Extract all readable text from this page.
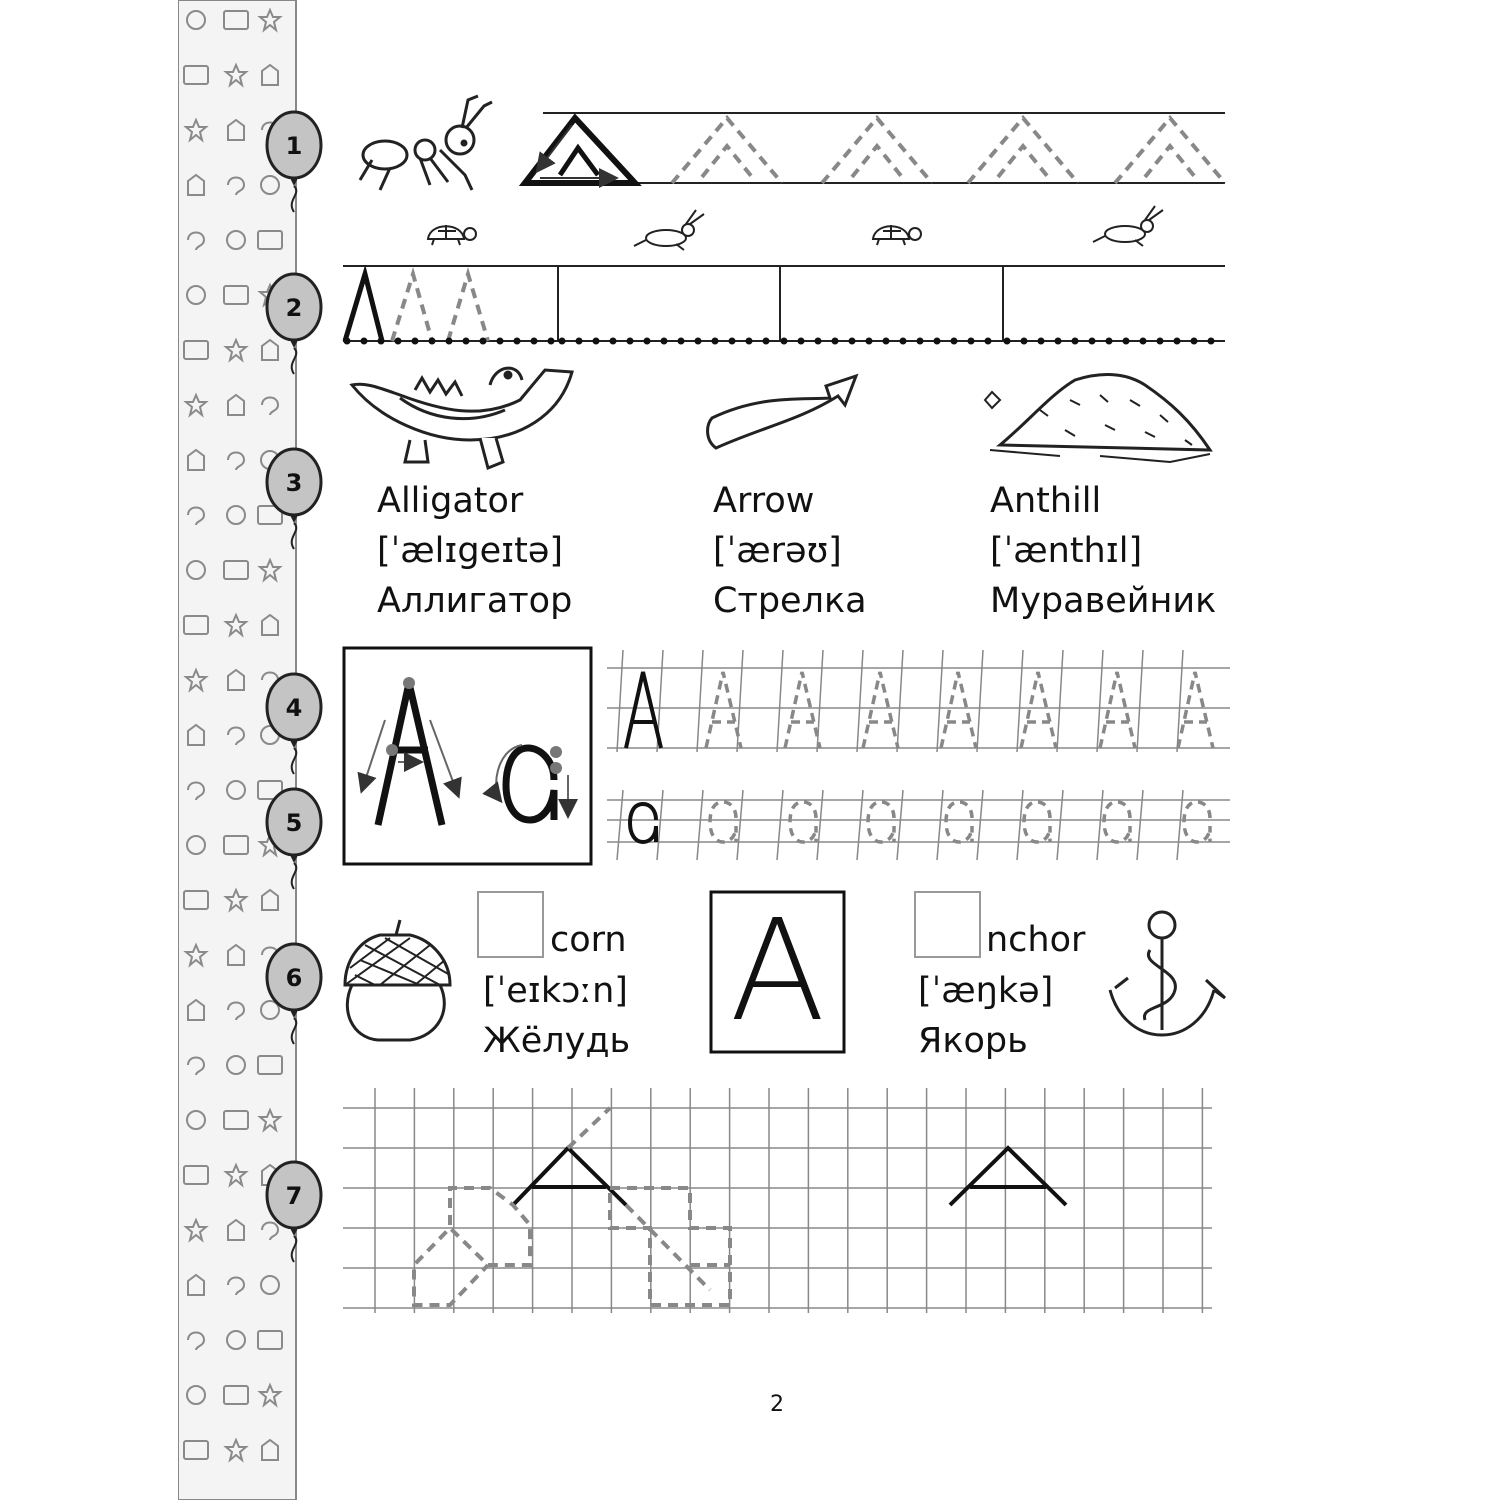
1
2
3
4
5
6
7
Alligator
[ˈælɪgeɪtə]
Аллигатор
Arrow
[ˈærəʊ]
Стрелка
Anthill
[ˈænthɪl]
Муравейник
A
corn
[ˈeɪkɔːn]
Жёлудь
nchor
[ˈæŋkə]
Якорь
2
